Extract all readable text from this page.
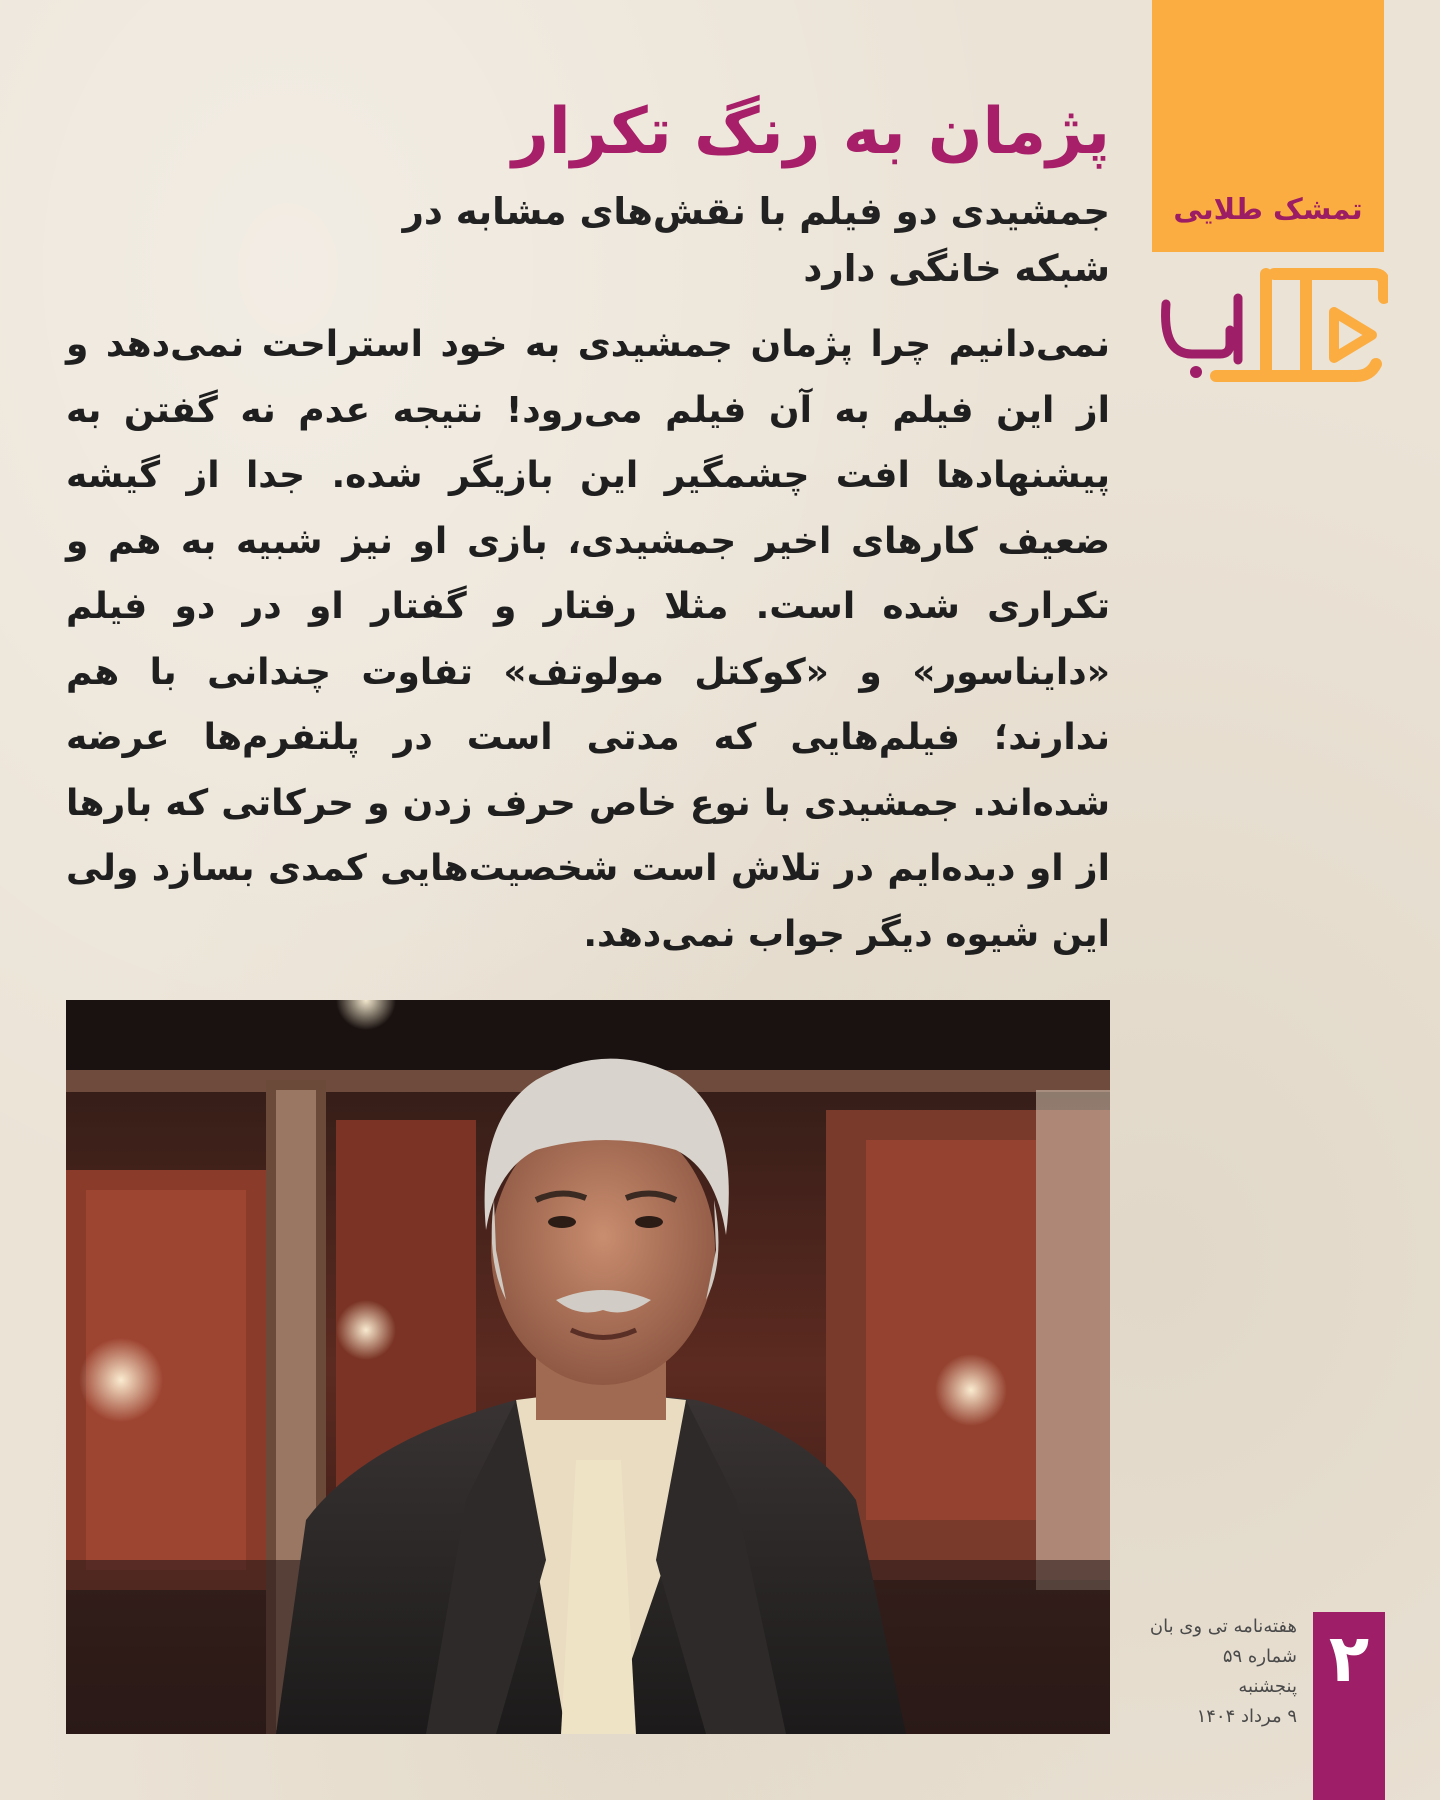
تمشک طلایی
۲
هفته‌نامه تی وی بان
شماره ۵۹
پنجشنبه
۹ مرداد ۱۴۰۴
پژمان به رنگ تکرار
جمشیدی دو فیلم با نقش‌های مشابه در شبکه خانگی دارد

نمی‌دانیم چرا پژمان جمشیدی به خود استراحت نمی‌دهد و از این فیلم به آن فیلم می‌رود! نتیجه عدم نه گفتن به پیشنهادها افت چشمگیر این بازیگر شده. جدا از گیشه ضعیف کارهای اخیر جمشیدی، بازی او نیز شبیه به هم و تکراری شده است. مثلا رفتار و گفتار او در دو فیلم «دایناسور» و «کوکتل مولوتف» تفاوت چندانی با هم ندارند؛ فیلم‌هایی که مدتی است در پلتفرم‌ها عرضه شده‌اند. جمشیدی با نوع خاص حرف زدن و حرکاتی که بارها از او دیده‌ایم در تلاش است شخصیت‌هایی کمدی بسازد ولی این شیوه دیگر جواب نمی‌دهد.
